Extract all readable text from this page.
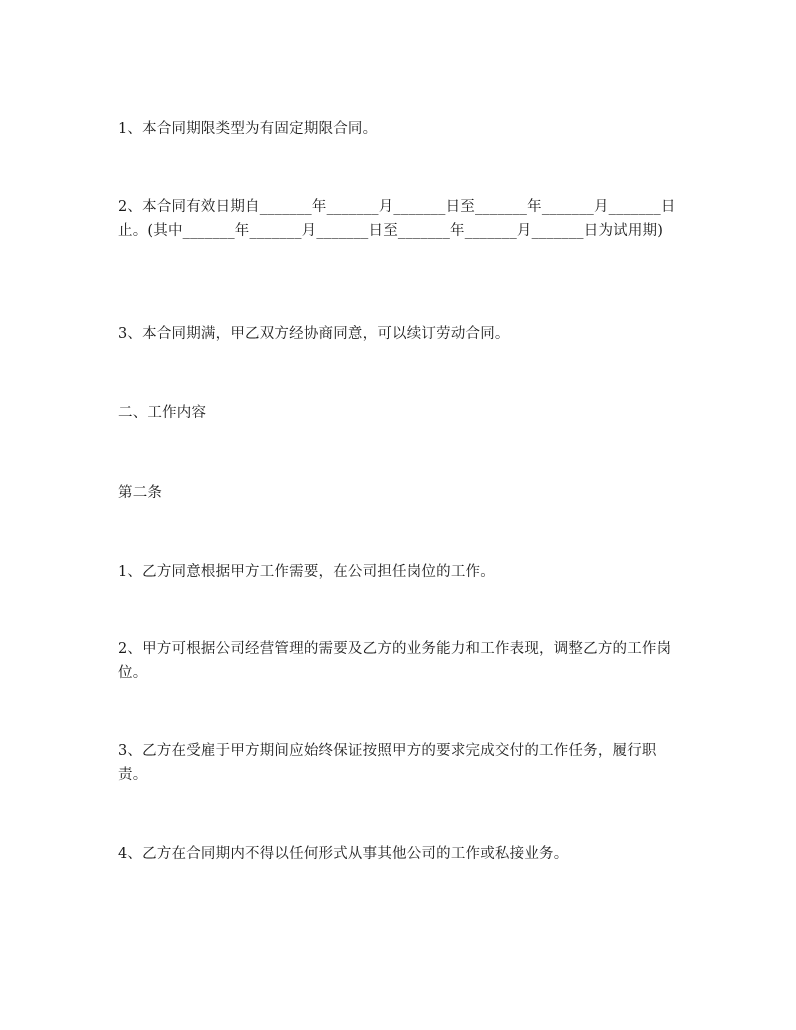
1、本合同期限类型为有固定期限合同。

2、本合同有效日期自_______年_______月_______日至_______年_______月_______日止。(其中_______年_______月_______日至_______年_______月_______日为试用期)

3、本合同期满，甲乙双方经协商同意，可以续订劳动合同。

二、工作内容

第二条

1、乙方同意根据甲方工作需要，在公司担任岗位的工作。

2、甲方可根据公司经营管理的需要及乙方的业务能力和工作表现，调整乙方的工作岗位。

3、乙方在受雇于甲方期间应始终保证按照甲方的要求完成交付的工作任务，履行职责。

4、乙方在合同期内不得以任何形式从事其他公司的工作或私接业务。
